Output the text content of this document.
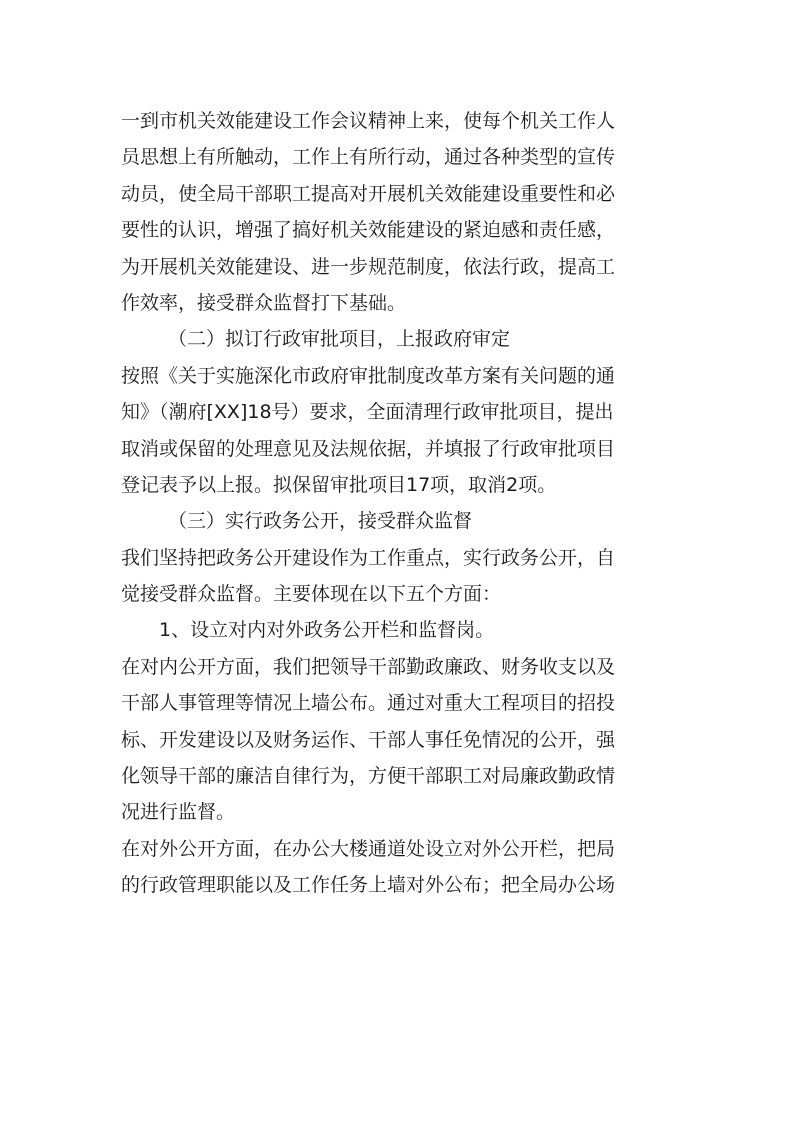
一到市机关效能建设工作会议精神上来，使每个机关工作人
员思想上有所触动，工作上有所行动，通过各种类型的宣传
动员，使全局干部职工提高对开展机关效能建设重要性和必
要性的认识，增强了搞好机关效能建设的紧迫感和责任感，
为开展机关效能建设、进一步规范制度，依法行政，提高工
作效率，接受群众监督打下基础。
（二）拟订行政审批项目，上报政府审定
按照《关于实施深化市政府审批制度改革方案有关问题的通
知》（潮府[XX]18号）要求，全面清理行政审批项目，提出
取消或保留的处理意见及法规依据，并填报了行政审批项目
登记表予以上报。拟保留审批项目17项，取消2项。
（三）实行政务公开，接受群众监督
我们坚持把政务公开建设作为工作重点，实行政务公开，自
觉接受群众监督。主要体现在以下五个方面：
1、设立对内对外政务公开栏和监督岗。
在对内公开方面，我们把领导干部勤政廉政、财务收支以及
干部人事管理等情况上墙公布。通过对重大工程项目的招投
标、开发建设以及财务运作、干部人事任免情况的公开，强
化领导干部的廉洁自律行为，方便干部职工对局廉政勤政情
况进行监督。
在对外公开方面，在办公大楼通道处设立对外公开栏，把局
的行政管理职能以及工作任务上墙对外公布；把全局办公场
